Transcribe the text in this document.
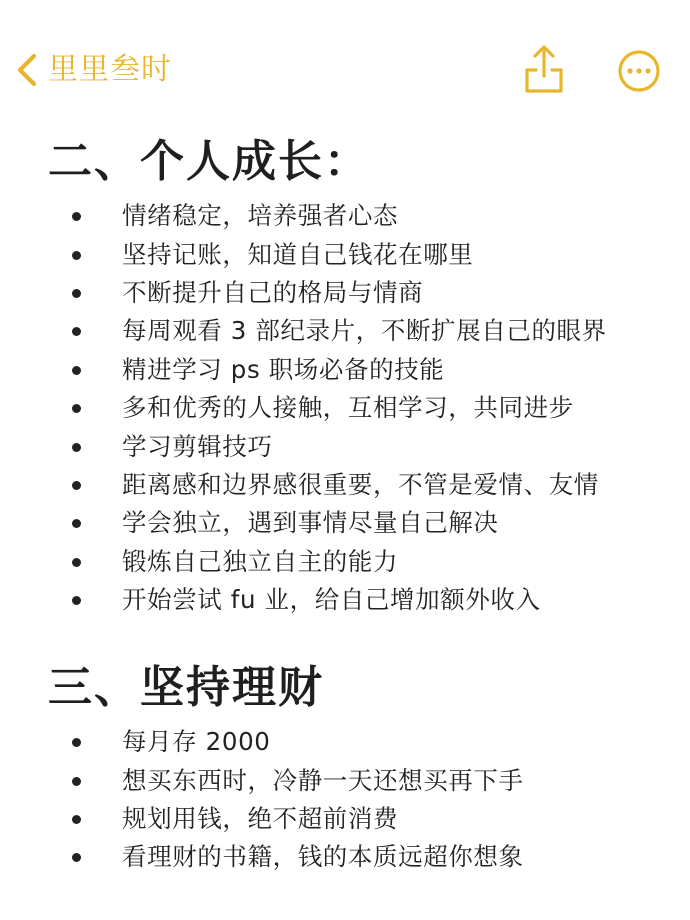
里里叁时
二、个人成长：
情绪稳定，培养强者心态
坚持记账，知道自己钱花在哪里
不断提升自己的格局与情商
每周观看 3 部纪录片，不断扩展自己的眼界
精进学习 ps 职场必备的技能
多和优秀的人接触，互相学习，共同进步
学习剪辑技巧
距离感和边界感很重要，不管是爱情、友情
学会独立，遇到事情尽量自己解决
锻炼自己独立自主的能力
开始尝试 fu 业，给自己增加额外收入
三、坚持理财
每月存 2000
想买东西时，冷静一天还想买再下手
规划用钱，绝不超前消费
看理财的书籍，钱的本质远超你想象
